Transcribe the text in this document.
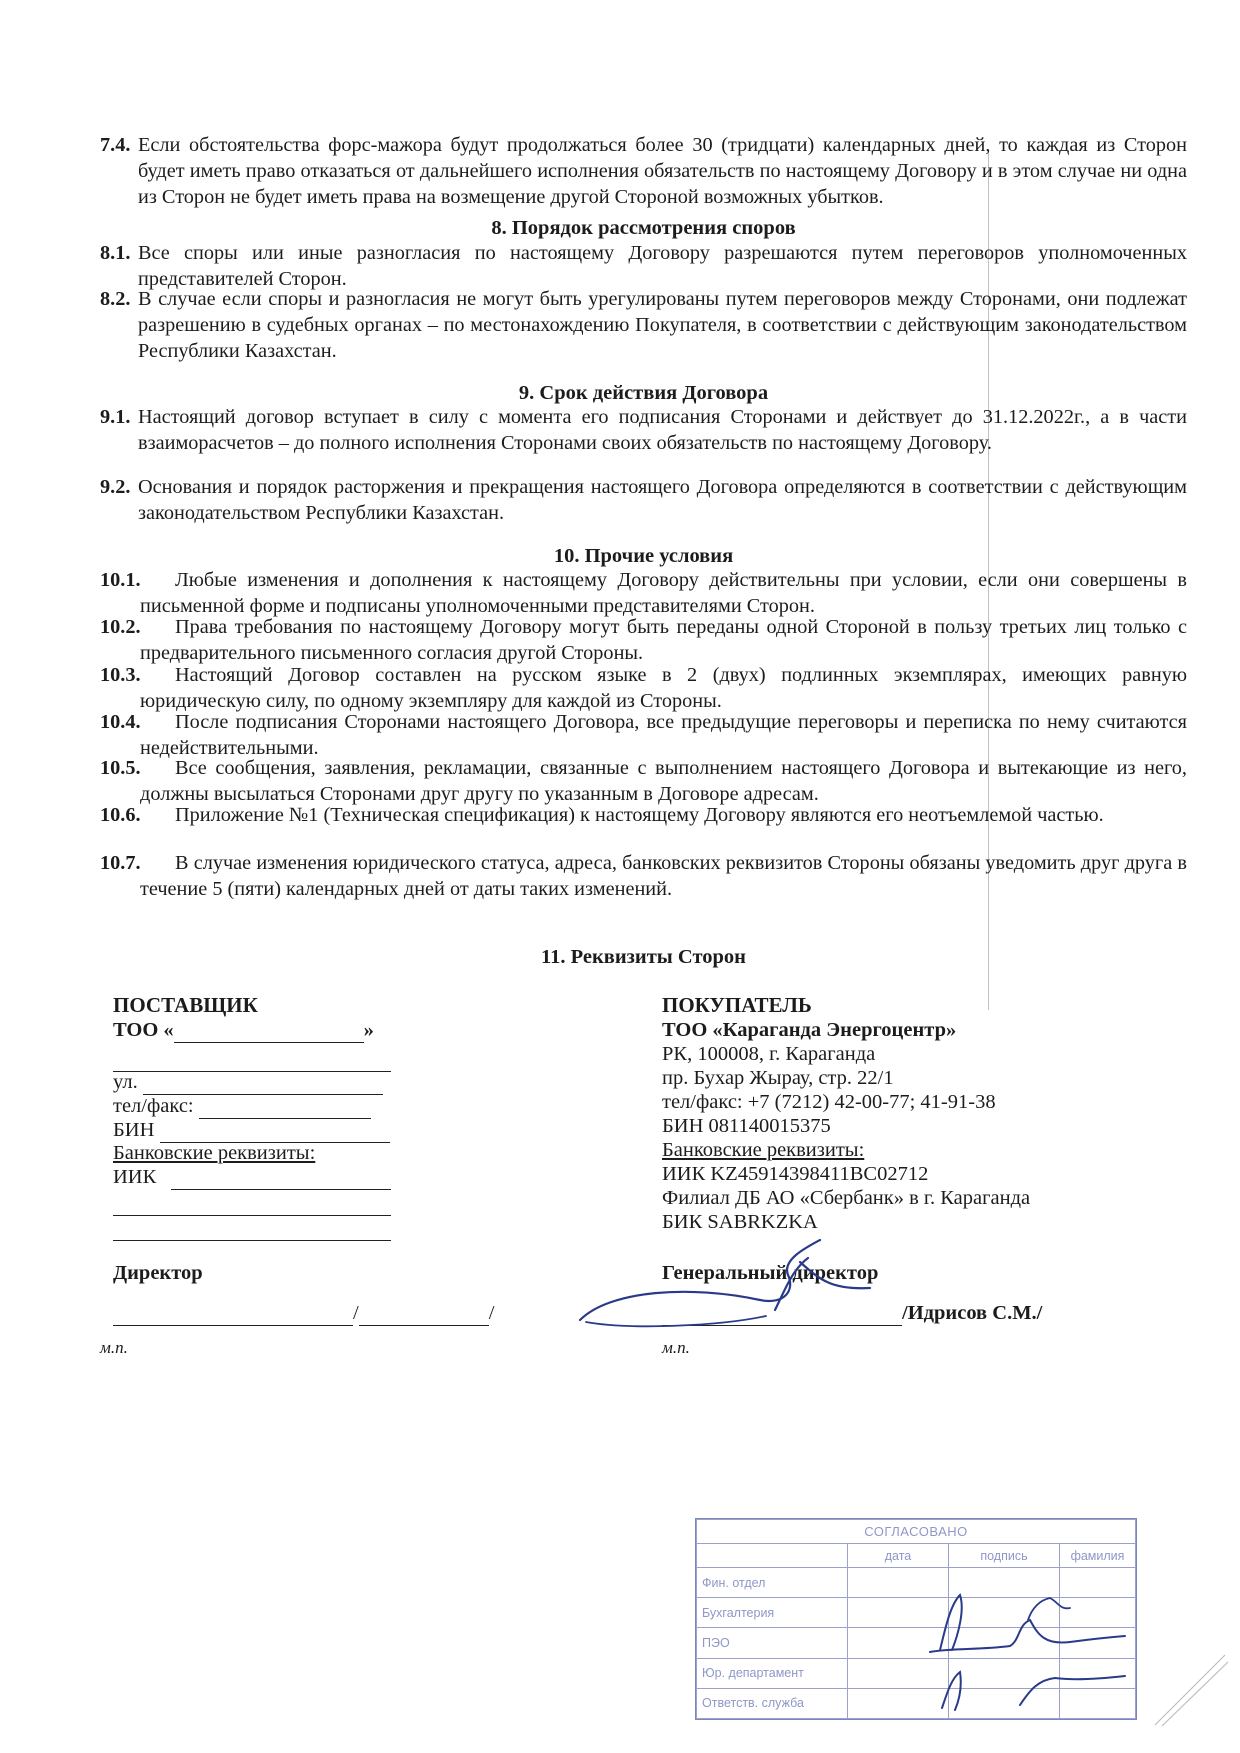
7.4. Если обстоятельства форс-мажора будут продолжаться более 30 (тридцати) календарных дней, то каждая из Сторон будет иметь право отказаться от дальнейшего исполнения обязательств по настоящему Договору и в этом случае ни одна из Сторон не будет иметь права на возмещение другой Стороной возможных убытков.
8. Порядок рассмотрения споров
8.1. Все споры или иные разногласия по настоящему Договору разрешаются путем переговоров уполномоченных представителей Сторон.
8.2. В случае если споры и разногласия не могут быть урегулированы путем переговоров между Сторонами, они подлежат разрешению в судебных органах – по местонахождению Покупателя, в соответствии с действующим законодательством Республики Казахстан.
9. Срок действия Договора
9.1. Настоящий договор вступает в силу с момента его подписания Сторонами и действует до 31.12.2022г., а в части взаиморасчетов – до полного исполнения Сторонами своих обязательств по настоящему Договору.
9.2. Основания и порядок расторжения и прекращения настоящего Договора определяются в соответствии с действующим законодательством Республики Казахстан.
10. Прочие условия
10.1.	Любые изменения и дополнения к настоящему Договору действительны при условии, если они совершены в письменной форме и подписаны уполномоченными представителями Сторон.
10.2.	Права требования по настоящему Договору могут быть переданы одной Стороной в пользу третьих лиц только с предварительного письменного согласия другой Стороны.
10.3.	Настоящий Договор составлен на русском языке в 2 (двух) подлинных экземплярах, имеющих равную юридическую силу, по одному экземпляру для каждой из Стороны.
10.4.	После подписания Сторонами настоящего Договора, все предыдущие переговоры и переписка по нему считаются недействительными.
10.5.	Все сообщения, заявления, рекламации, связанные с выполнением настоящего Договора и вытекающие из него, должны высылаться Сторонами друг другу по указанным в Договоре адресам.
10.6.	Приложение №1 (Техническая спецификация) к настоящему Договору являются его неотъемлемой частью.
10.7.	В случае изменения юридического статуса, адреса, банковских реквизитов Стороны обязаны уведомить друг друга в течение 5 (пяти) календарных дней от даты таких изменений.
11. Реквизиты Сторон
ПОСТАВЩИК
ТОО «	»
ул.
тел/факс:
БИН
Банковские реквизиты:
ИИК
Директор
/	/
м.п.
ПОКУПАТЕЛЬ
ТОО «Караганда Энергоцентр»
РК, 100008, г. Караганда
пр. Бухар Жырау, стр. 22/1
тел/факс: +7 (7212) 42-00-77; 41-91-38
БИН 081140015375
Банковские реквизиты:
ИИК KZ45914398411BC02712
Филиал ДБ АО «Сбербанк» в г. Караганда
БИК SABRKZKA
Генеральный директор
/Идрисов С.М./
м.п.
СОГЛАСОВАНО			
	дата	подпись	фамилия
Фин. отдел			
Бухгалтерия			
ПЭО			
Юр. департамент			
Ответств. служба			
